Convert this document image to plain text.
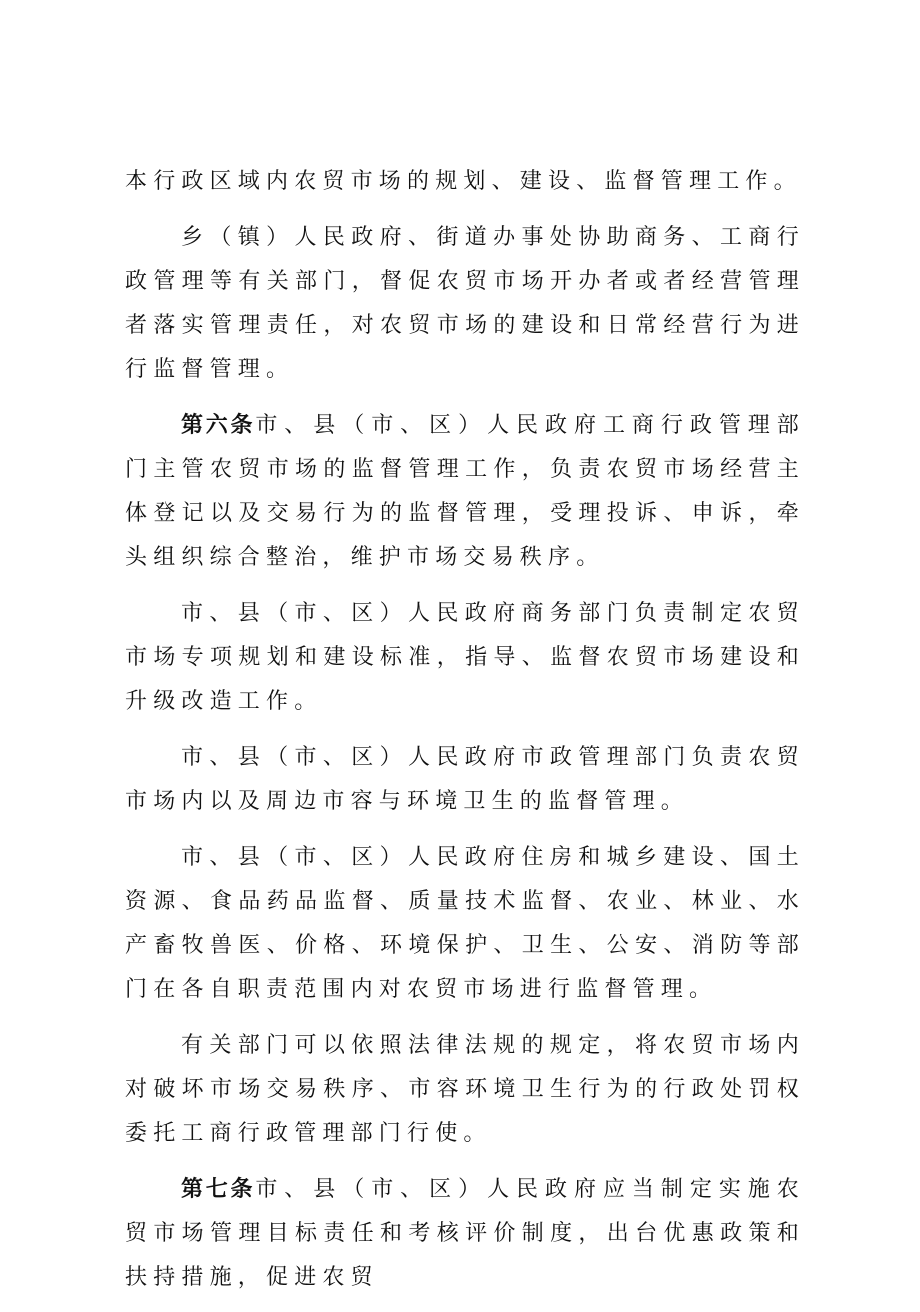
本行政区域内农贸市场的规划、建设、监督管理工作。

乡（镇）人民政府、街道办事处协助商务、工商行政管理等有关部门，督促农贸市场开办者或者经营管理者落实管理责任，对农贸市场的建设和日常经营行为进行监督管理。

第六条市、县（市、区）人民政府工商行政管理部门主管农贸市场的监督管理工作，负责农贸市场经营主体登记以及交易行为的监督管理，受理投诉、申诉，牵头组织综合整治，维护市场交易秩序。

市、县（市、区）人民政府商务部门负责制定农贸市场专项规划和建设标准，指导、监督农贸市场建设和升级改造工作。

市、县（市、区）人民政府市政管理部门负责农贸市场内以及周边市容与环境卫生的监督管理。

市、县（市、区）人民政府住房和城乡建设、国土资源、食品药品监督、质量技术监督、农业、林业、水产畜牧兽医、价格、环境保护、卫生、公安、消防等部门在各自职责范围内对农贸市场进行监督管理。

有关部门可以依照法律法规的规定，将农贸市场内对破坏市场交易秩序、市容环境卫生行为的行政处罚权委托工商行政管理部门行使。

第七条市、县（市、区）人民政府应当制定实施农贸市场管理目标责任和考核评价制度，出台优惠政策和扶持措施，促进农贸
